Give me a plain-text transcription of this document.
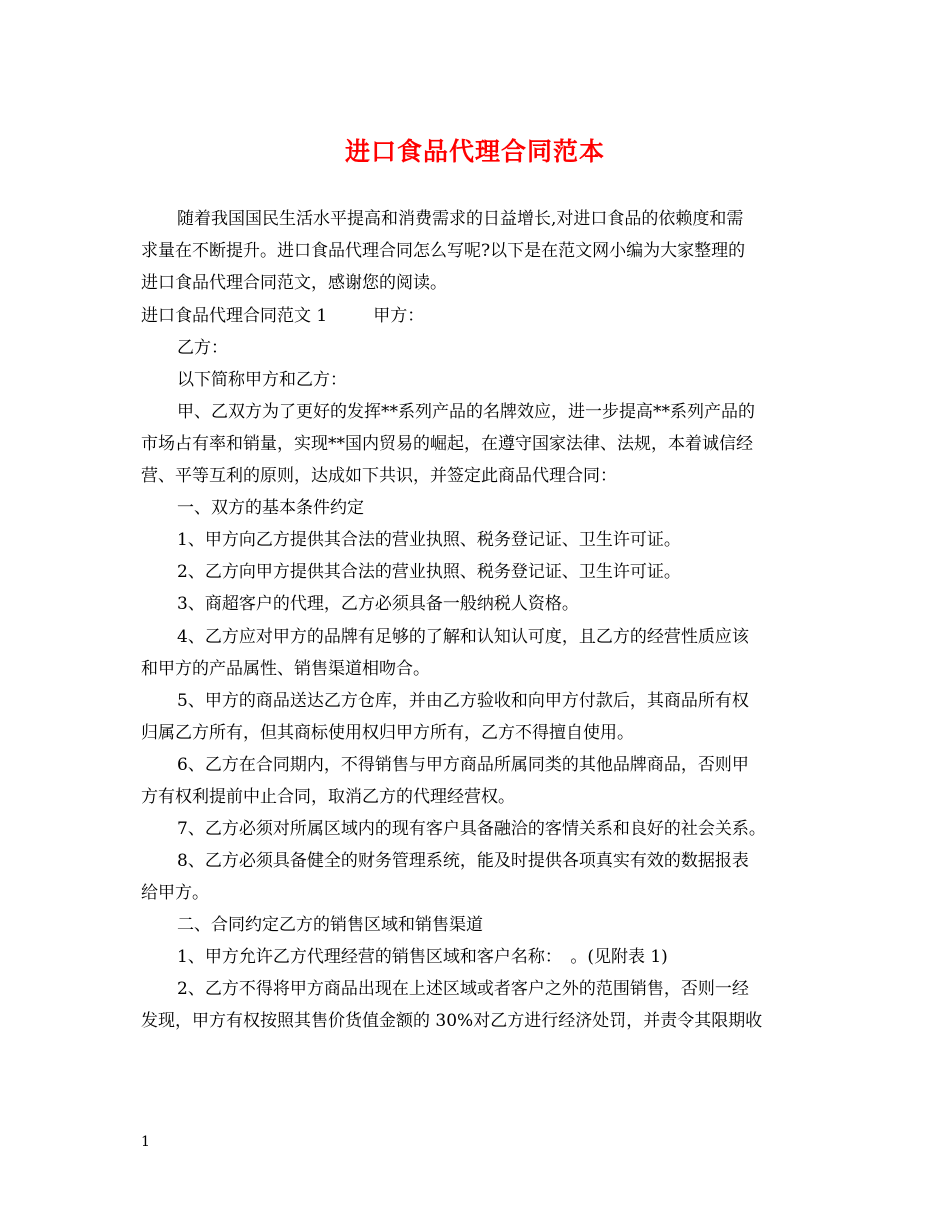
进口食品代理合同范本
随着我国国民生活水平提高和消费需求的日益增长,对进口食品的依赖度和需
求量在不断提升。进口食品代理合同怎么写呢?以下是在范文网小编为大家整理的
进口食品代理合同范文，感谢您的阅读。
进口食品代理合同范文 1	甲方：
乙方：
以下简称甲方和乙方：
甲、乙双方为了更好的发挥**系列产品的名牌效应，进一步提高**系列产品的
市场占有率和销量，实现**国内贸易的崛起，在遵守国家法律、法规，本着诚信经
营、平等互利的原则，达成如下共识，并签定此商品代理合同：
一、双方的基本条件约定
1、甲方向乙方提供其合法的营业执照、税务登记证、卫生许可证。
2、乙方向甲方提供其合法的营业执照、税务登记证、卫生许可证。
3、商超客户的代理，乙方必须具备一般纳税人资格。
4、乙方应对甲方的品牌有足够的了解和认知认可度，且乙方的经营性质应该
和甲方的产品属性、销售渠道相吻合。
5、甲方的商品送达乙方仓库，并由乙方验收和向甲方付款后，其商品所有权
归属乙方所有，但其商标使用权归甲方所有，乙方不得擅自使用。
6、乙方在合同期内，不得销售与甲方商品所属同类的其他品牌商品，否则甲
方有权利提前中止合同，取消乙方的代理经营权。
7、乙方必须对所属区域内的现有客户具备融洽的客情关系和良好的社会关系。
8、乙方必须具备健全的财务管理系统，能及时提供各项真实有效的数据报表
给甲方。
二、合同约定乙方的销售区域和销售渠道
1、甲方允许乙方代理经营的销售区域和客户名称：　。(见附表 1)
2、乙方不得将甲方商品出现在上述区域或者客户之外的范围销售，否则一经
发现，甲方有权按照其售价货值金额的 30%对乙方进行经济处罚，并责令其限期收
1
